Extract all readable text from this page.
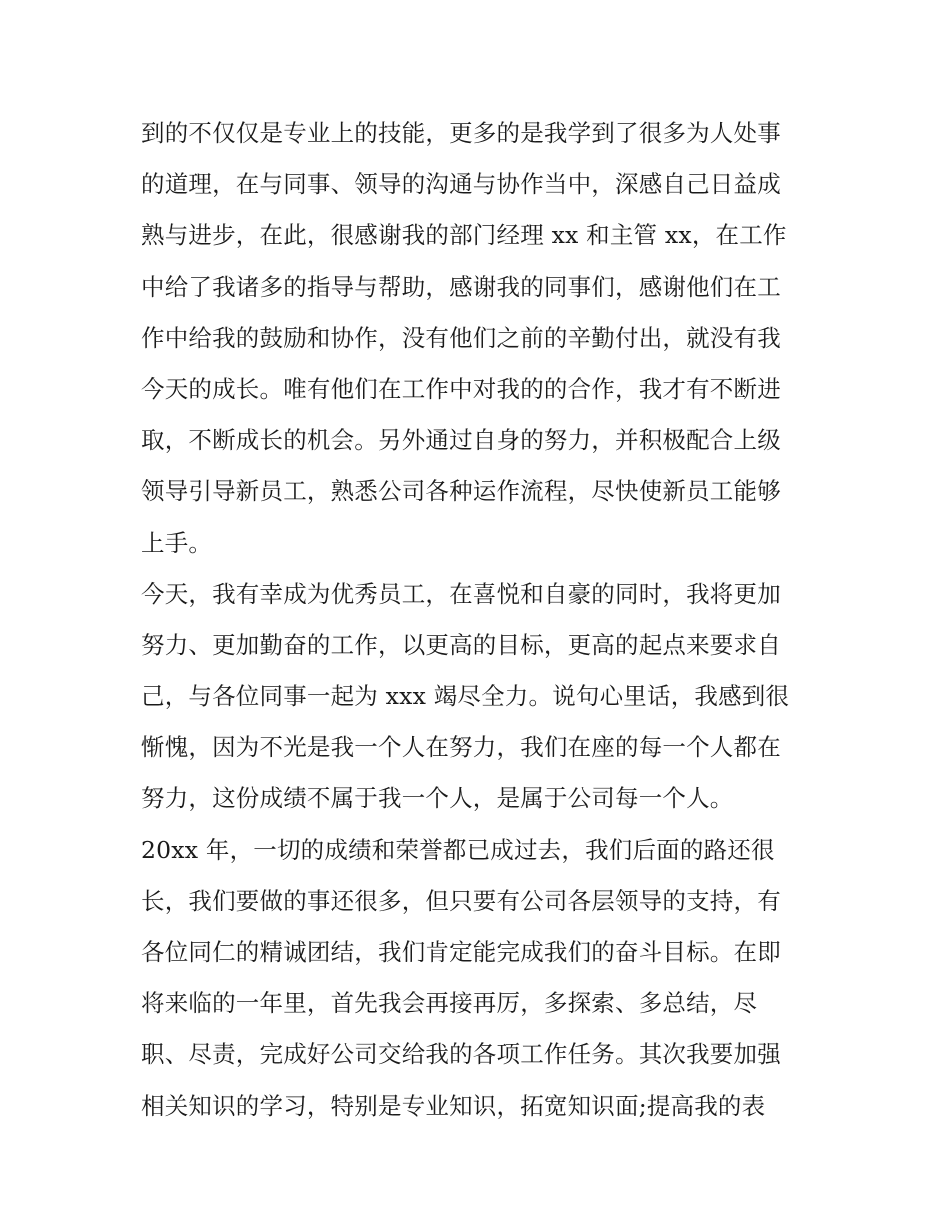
到的不仅仅是专业上的技能，更多的是我学到了很多为人处事
的道理，在与同事、领导的沟通与协作当中，深感自己日益成
熟与进步，在此，很感谢我的部门经理 xx 和主管 xx，在工作
中给了我诸多的指导与帮助，感谢我的同事们，感谢他们在工
作中给我的鼓励和协作，没有他们之前的辛勤付出，就没有我
今天的成长。唯有他们在工作中对我的的合作，我才有不断进
取，不断成长的机会。另外通过自身的努力，并积极配合上级
领导引导新员工，熟悉公司各种运作流程，尽快使新员工能够
上手。
今天，我有幸成为优秀员工，在喜悦和自豪的同时，我将更加
努力、更加勤奋的工作，以更高的目标，更高的起点来要求自
己，与各位同事一起为 xxx 竭尽全力。说句心里话，我感到很
惭愧，因为不光是我一个人在努力，我们在座的每一个人都在
努力，这份成绩不属于我一个人，是属于公司每一个人。
20xx 年，一切的成绩和荣誉都已成过去，我们后面的路还很
长，我们要做的事还很多，但只要有公司各层领导的支持，有
各位同仁的精诚团结，我们肯定能完成我们的奋斗目标。在即
将来临的一年里，首先我会再接再厉，多探索、多总结，尽
职、尽责，完成好公司交给我的各项工作任务。其次我要加强
相关知识的学习，特别是专业知识，拓宽知识面;提高我的表
